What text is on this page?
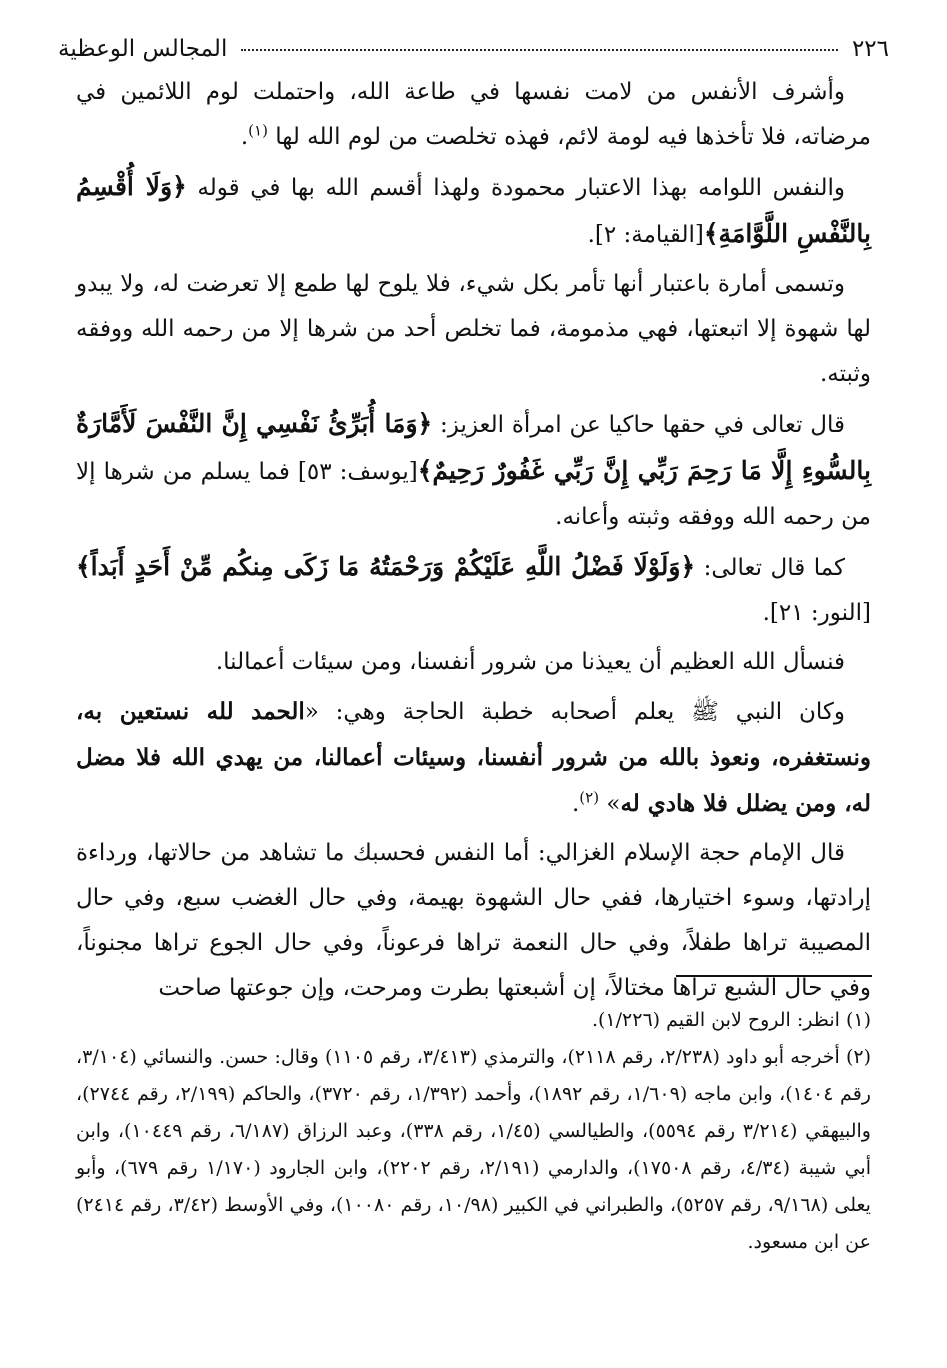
٢٢٦
المجالس الوعظية

وأشرف الأنفس من لامت نفسها في طاعة الله، واحتملت لوم اللائمين في مرضاته، فلا تأخذها فيه لومة لائم، فهذه تخلصت من لوم الله لها $^{(١)}$.

والنفس اللوامه بهذا الاعتبار محمودة ولهذا أقسم الله بها في قوله ﴿وَلَا أُقْسِمُ بِالنَّفْسِ اللَّوَّامَةِ﴾[القيامة: ٢].

وتسمى أمارة باعتبار أنها تأمر بكل شيء، فلا يلوح لها طمع إلا تعرضت له، ولا يبدو لها شهوة إلا اتبعتها، فهي مذمومة، فما تخلص أحد من شرها إلا من رحمه الله ووفقه وثبته.

قال تعالى في حقها حاكيا عن امرأة العزيز: ﴿وَمَا أُبَرِّئُ نَفْسِي إِنَّ النَّفْسَ لَأَمَّارَةٌ بِالسُّوءِ إِلَّا مَا رَحِمَ رَبِّي إِنَّ رَبِّي غَفُورٌ رَحِيمٌ﴾[يوسف: ٥٣] فما يسلم من شرها إلا من رحمه الله ووفقه وثبته وأعانه.

كما قال تعالى: ﴿وَلَوْلَا فَضْلُ اللَّهِ عَلَيْكُمْ وَرَحْمَتُهُ مَا زَكَى مِنكُم مِّنْ أَحَدٍ أَبَداً﴾[النور: ٢١].

فنسأل الله العظيم أن يعيذنا من شرور أنفسنا، ومن سيئات أعمالنا.

وكان النبي ﷺ يعلم أصحابه خطبة الحاجة وهي: «الحمد لله نستعين به، ونستغفره، ونعوذ بالله من شرور أنفسنا، وسيئات أعمالنا، من يهدي الله فلا مضل له، ومن يضلل فلا هادي له» $^{(٢)}$.

قال الإمام حجة الإسلام الغزالي: أما النفس فحسبك ما تشاهد من حالاتها، ورداءة إرادتها، وسوء اختيارها، ففي حال الشهوة بهيمة، وفي حال الغضب سبع، وفي حال المصيبة تراها طفلاً، وفي حال النعمة تراها فرعوناً، وفي حال الجوع تراها مجنوناً، وفي حال الشبع تراها مختالاً، إن أشبعتها بطرت ومرحت، وإن جوعتها صاحت

(١) انظر: الروح لابن القيم (١/٢٢٦).

(٢) أخرجه أبو داود (٢/٢٣٨، رقم ٢١١٨)، والترمذي (٣/٤١٣، رقم ١١٠٥) وقال: حسن. والنسائي (٣/١٠٤، رقم ١٤٠٤)، وابن ماجه (١/٦٠٩، رقم ١٨٩٢)، وأحمد (١/٣٩٢، رقم ٣٧٢٠)، والحاكم (٢/١٩٩، رقم ٢٧٤٤)، والبيهقي (٣/٢١٤ رقم ٥٥٩٤)، والطيالسي (١/٤٥، رقم ٣٣٨)، وعبد الرزاق (٦/١٨٧، رقم ١٠٤٤٩)، وابن أبي شيبة (٤/٣٤، رقم ١٧٥٠٨)، والدارمي (٢/١٩١، رقم ٢٢٠٢)، وابن الجارود (١/١٧٠ رقم ٦٧٩)، وأبو يعلى (٩/١٦٨، رقم ٥٢٥٧)، والطبراني في الكبير (١٠/٩٨، رقم ١٠٠٨٠)، وفي الأوسط (٣/٤٢، رقم ٢٤١٤) عن ابن مسعود.
